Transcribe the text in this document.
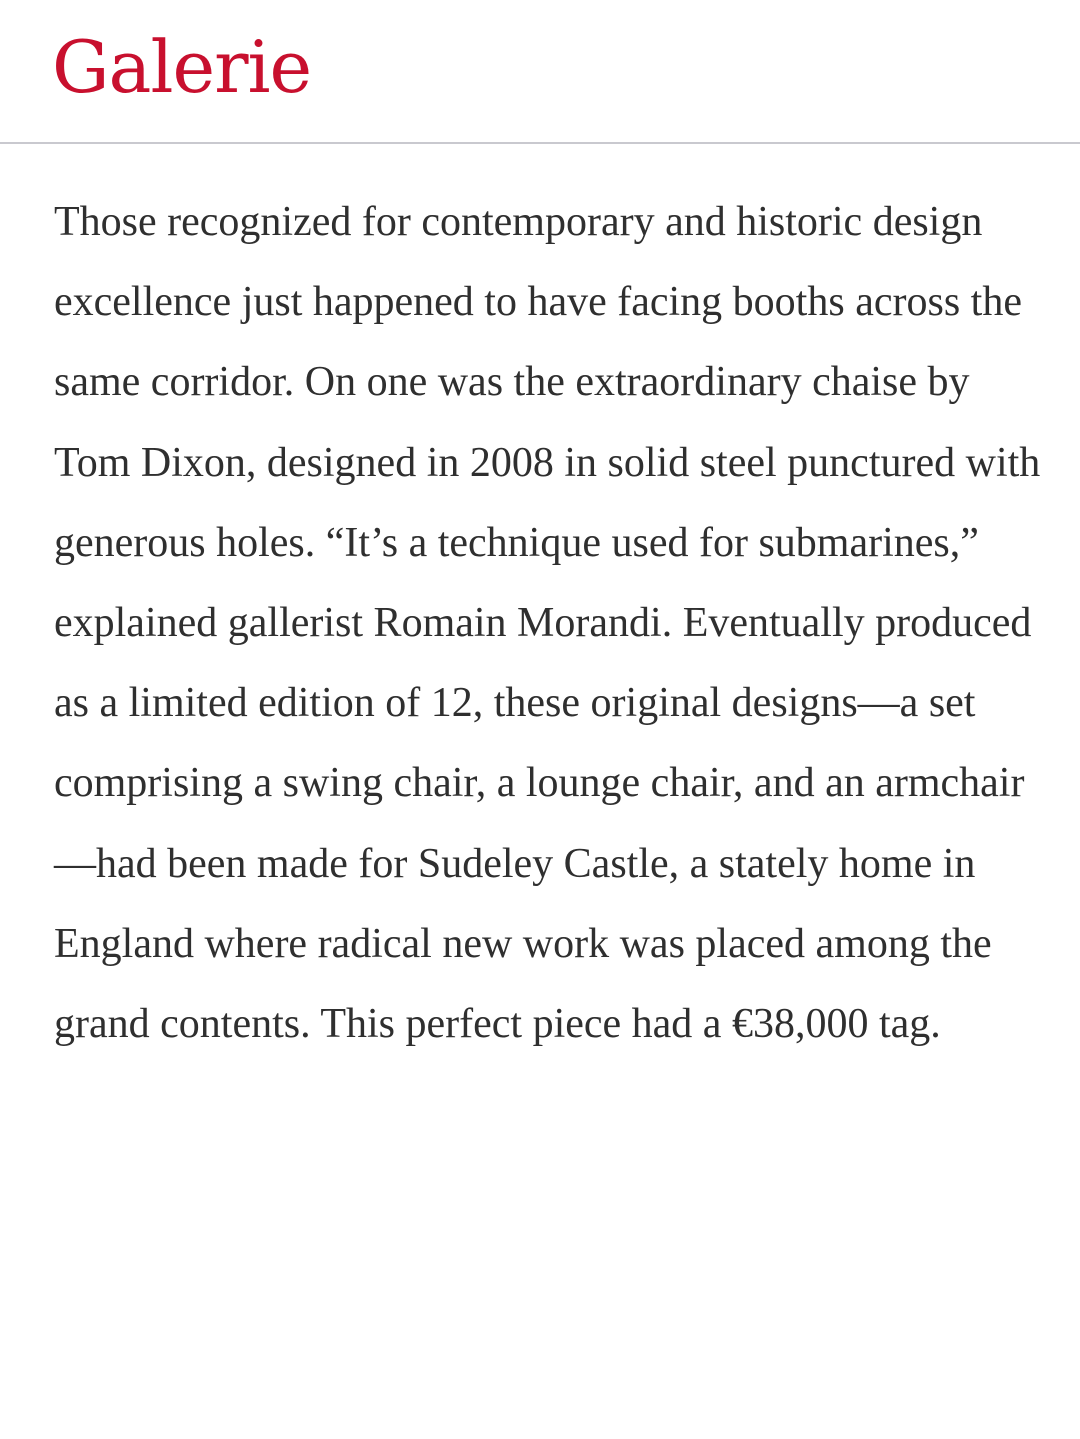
Galerie

Those recognized for contemporary and historic design excellence just happened to have facing booths across the same corridor. On one was the extraordinary chaise by Tom Dixon, designed in 2008 in solid steel punctured with generous holes. “It’s a technique used for submarines,” explained gallerist Romain Morandi. Eventually produced as a limited edition of 12, these original designs—a set comprising a swing chair, a lounge chair, and an armchair—had been made for Sudeley Castle, a stately home in England where radical new work was placed among the grand contents. This perfect piece had a €38,000 tag.
